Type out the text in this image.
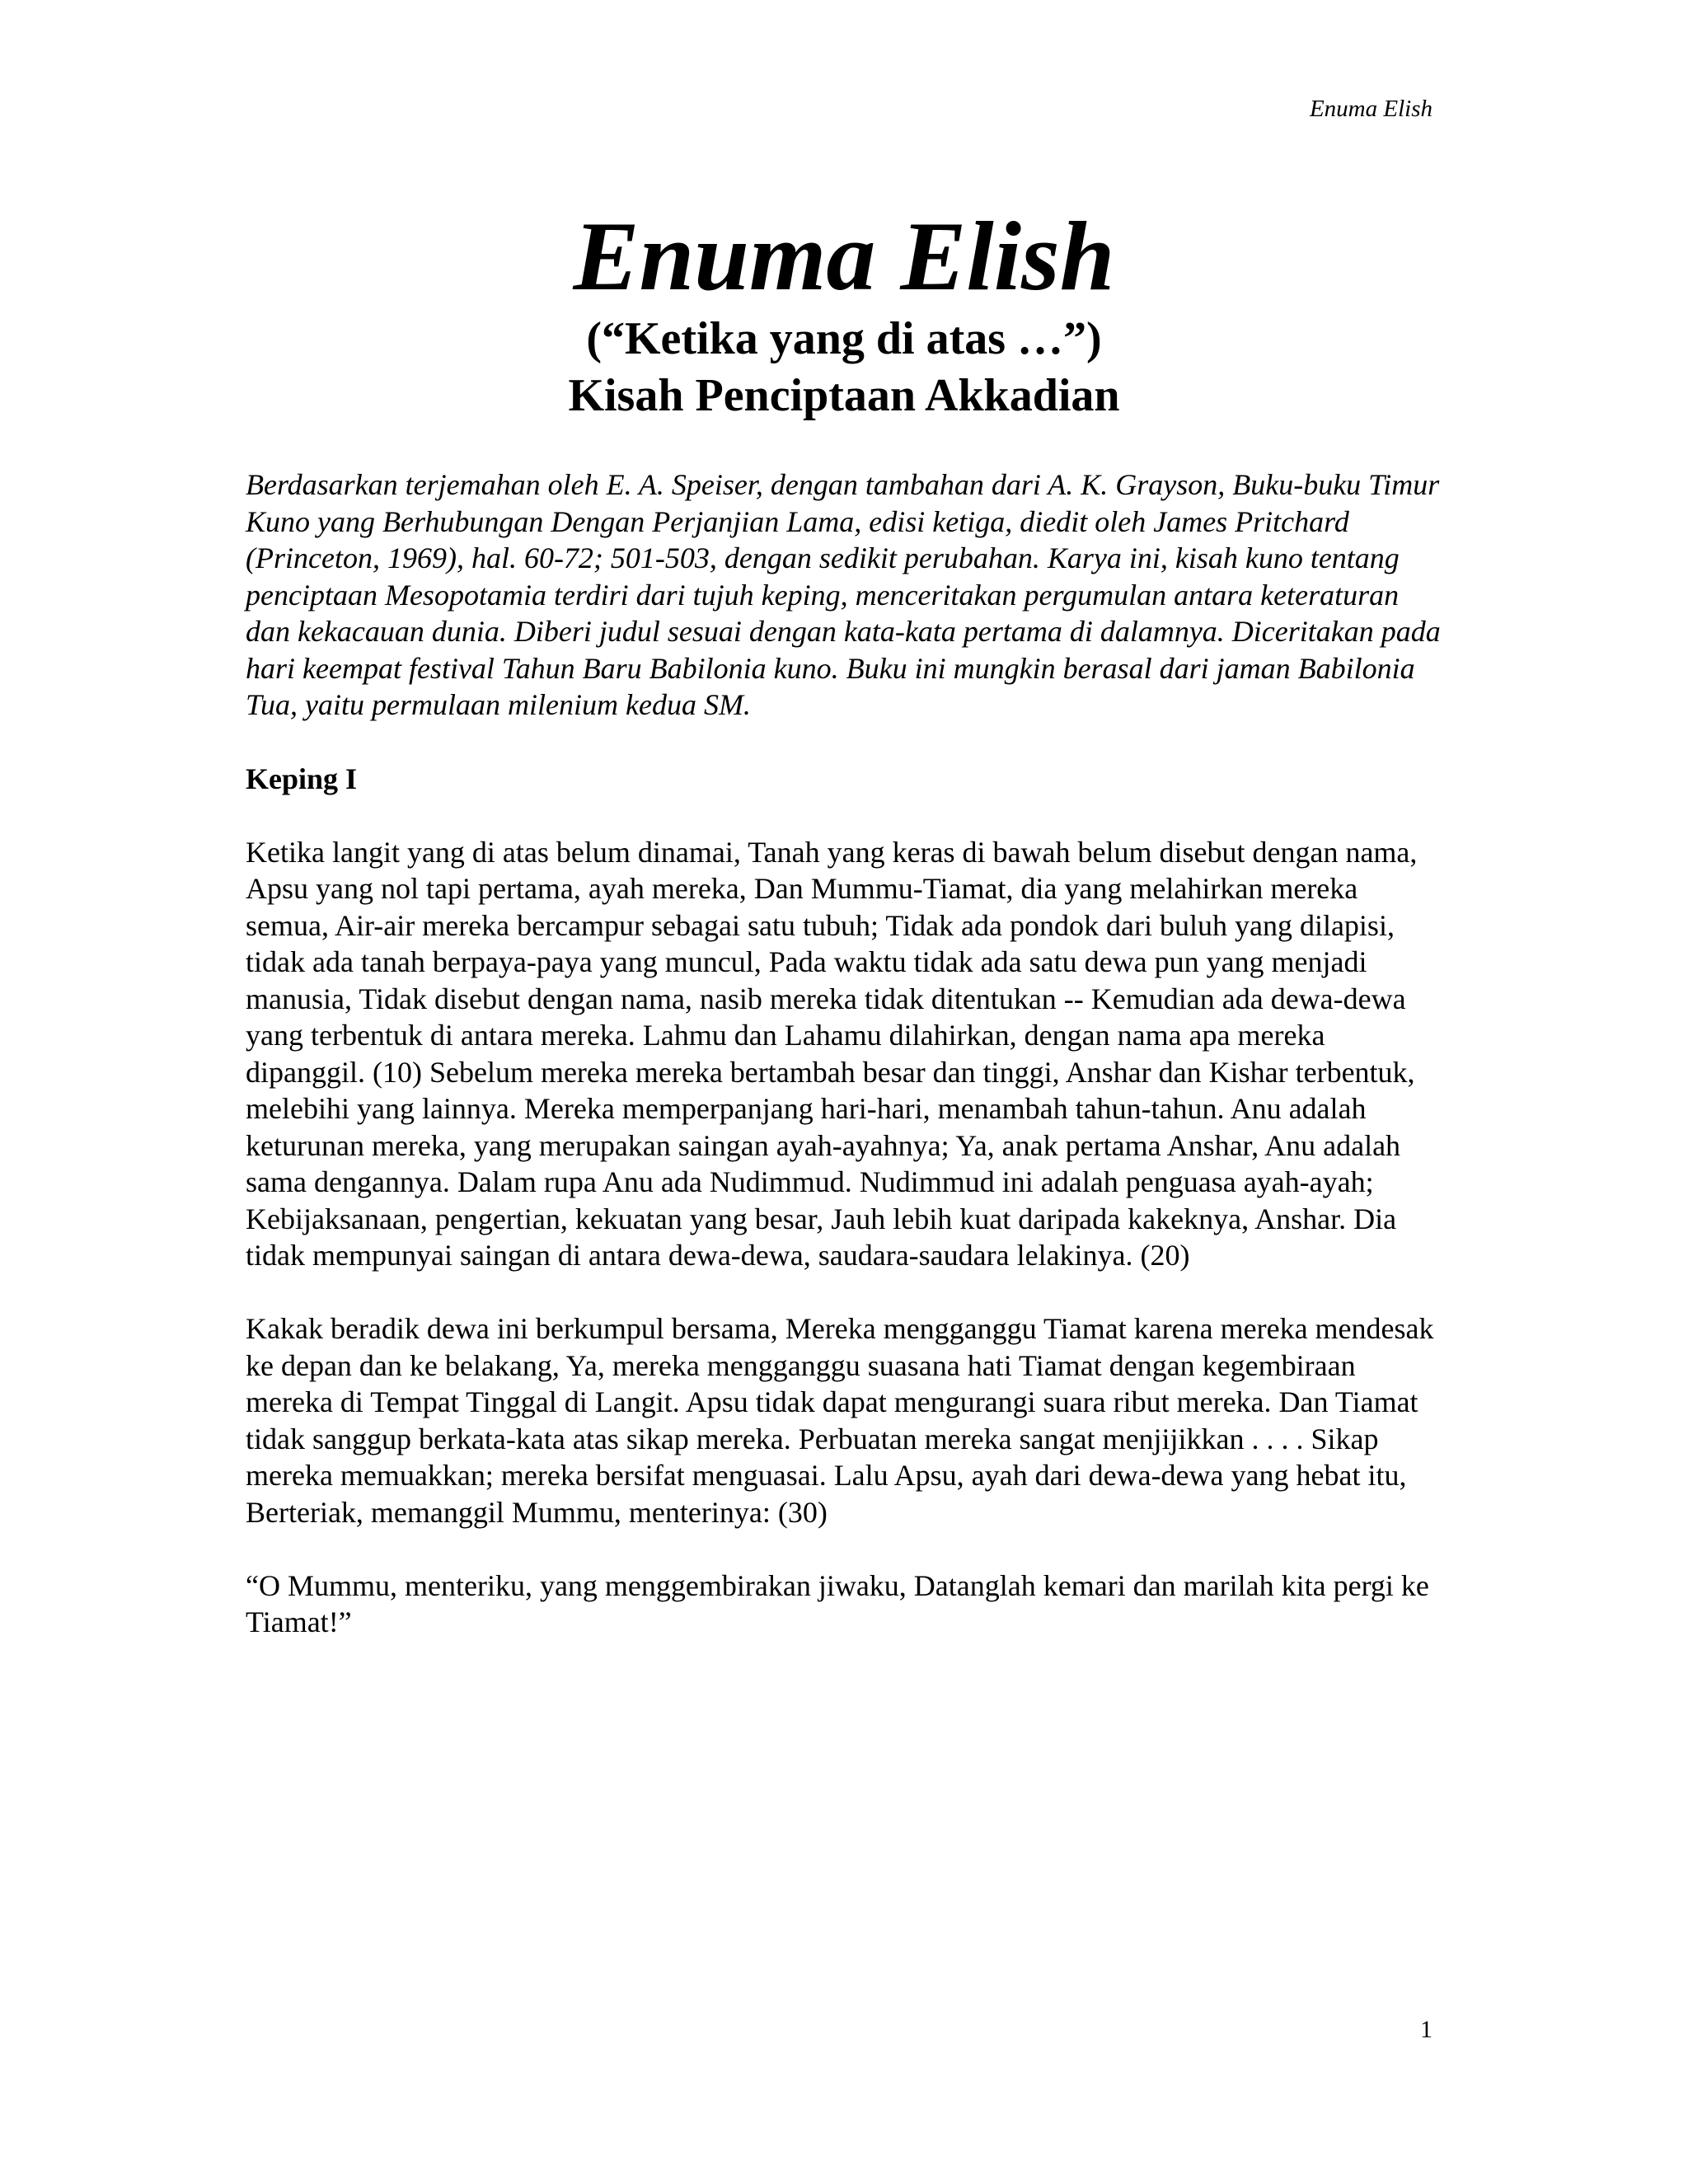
Enuma Elish
Enuma Elish
(“Ketika yang di atas …”)
Kisah Penciptaan Akkadian

Berdasarkan terjemahan oleh E. A. Speiser, dengan tambahan dari A. K. Grayson, Buku-buku Timur Kuno yang Berhubungan Dengan Perjanjian Lama, edisi ketiga, diedit oleh James Pritchard (Princeton, 1969), hal. 60-72; 501-503, dengan sedikit perubahan. Karya ini, kisah kuno tentang penciptaan Mesopotamia terdiri dari tujuh keping, menceritakan pergumulan antara keteraturan dan kekacauan dunia. Diberi judul sesuai dengan kata-kata pertama di dalamnya. Diceritakan pada hari keempat festival Tahun Baru Babilonia kuno. Buku ini mungkin berasal dari jaman Babilonia Tua, yaitu permulaan milenium kedua SM.

Keping I

Ketika langit yang di atas belum dinamai, Tanah yang keras di bawah belum disebut dengan nama, Apsu yang nol tapi pertama, ayah mereka, Dan Mummu-Tiamat, dia yang melahirkan mereka semua, Air-air mereka bercampur sebagai satu tubuh; Tidak ada pondok dari buluh yang dilapisi, tidak ada tanah berpaya-paya yang muncul, Pada waktu tidak ada satu dewa pun yang menjadi manusia, Tidak disebut dengan nama, nasib mereka tidak ditentukan -- Kemudian ada dewa-dewa yang terbentuk di antara mereka. Lahmu dan Lahamu dilahirkan, dengan nama apa mereka dipanggil. (10) Sebelum mereka mereka bertambah besar dan tinggi, Anshar dan Kishar terbentuk, melebihi yang lainnya. Mereka memperpanjang hari-hari, menambah tahun-tahun. Anu adalah keturunan mereka, yang merupakan saingan ayah-ayahnya; Ya, anak pertama Anshar, Anu adalah sama dengannya. Dalam rupa Anu ada Nudimmud. Nudimmud ini adalah penguasa ayah-ayah; Kebijaksanaan, pengertian, kekuatan yang besar, Jauh lebih kuat daripada kakeknya, Anshar. Dia tidak mempunyai saingan di antara dewa-dewa, saudara-saudara lelakinya. (20)

Kakak beradik dewa ini berkumpul bersama, Mereka mengganggu Tiamat karena mereka mendesak ke depan dan ke belakang, Ya, mereka mengganggu suasana hati Tiamat dengan kegembiraan mereka di Tempat Tinggal di Langit. Apsu tidak dapat mengurangi suara ribut mereka. Dan Tiamat tidak sanggup berkata-kata atas sikap mereka. Perbuatan mereka sangat menjijikkan . . . . Sikap mereka memuakkan; mereka bersifat menguasai. Lalu Apsu, ayah dari dewa-dewa yang hebat itu, Berteriak, memanggil Mummu, menterinya: (30)

“O Mummu, menteriku, yang menggembirakan jiwaku, Datanglah kemari dan marilah kita pergi ke Tiamat!”

1
